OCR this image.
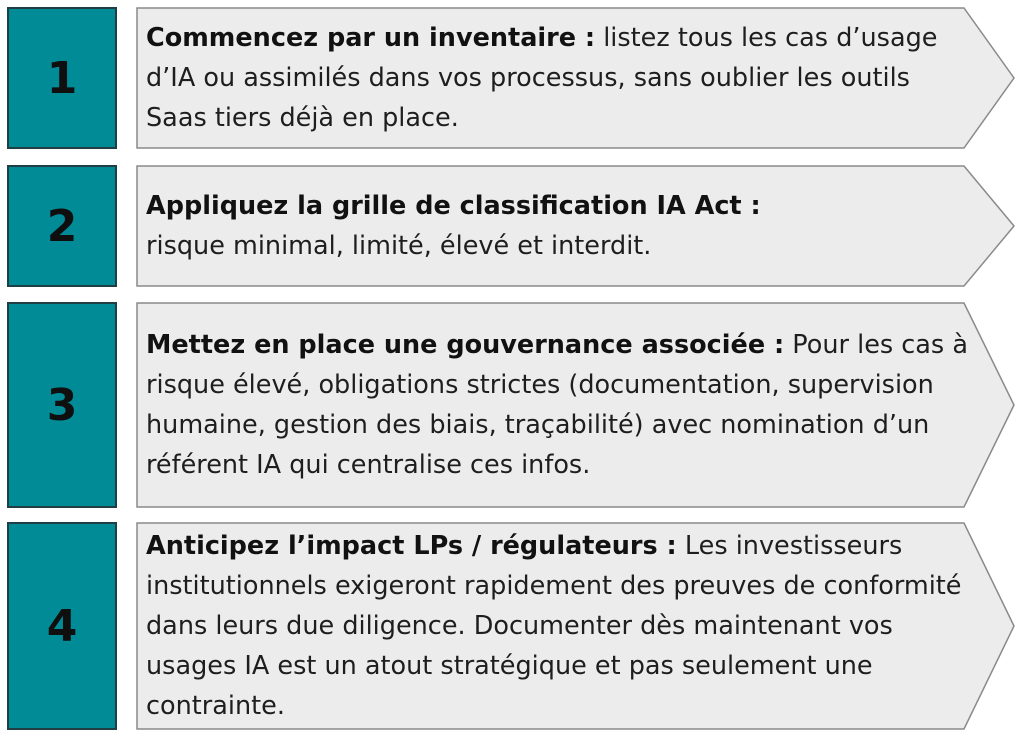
1
Commencez par un inventaire : listez tous les cas d’usage d’IA ou assimilés dans vos processus, sans oublier les outils Saas tiers déjà en place.
2	Appliquez la grille de classification IA Act : risque minimal, limité, élevé et interdit.
3
Mettez en place une gouvernance associée : Pour les cas à risque élevé, obligations strictes (documentation, supervision humaine, gestion des biais, traçabilité) avec nomination d’un référent IA qui centralise ces infos.
4
Anticipez l’impact LPs / régulateurs : Les investisseurs institutionnels exigeront rapidement des preuves de conformité dans leurs due diligence. Documenter dès maintenant vos usages IA est un atout stratégique et pas seulement une contrainte.
